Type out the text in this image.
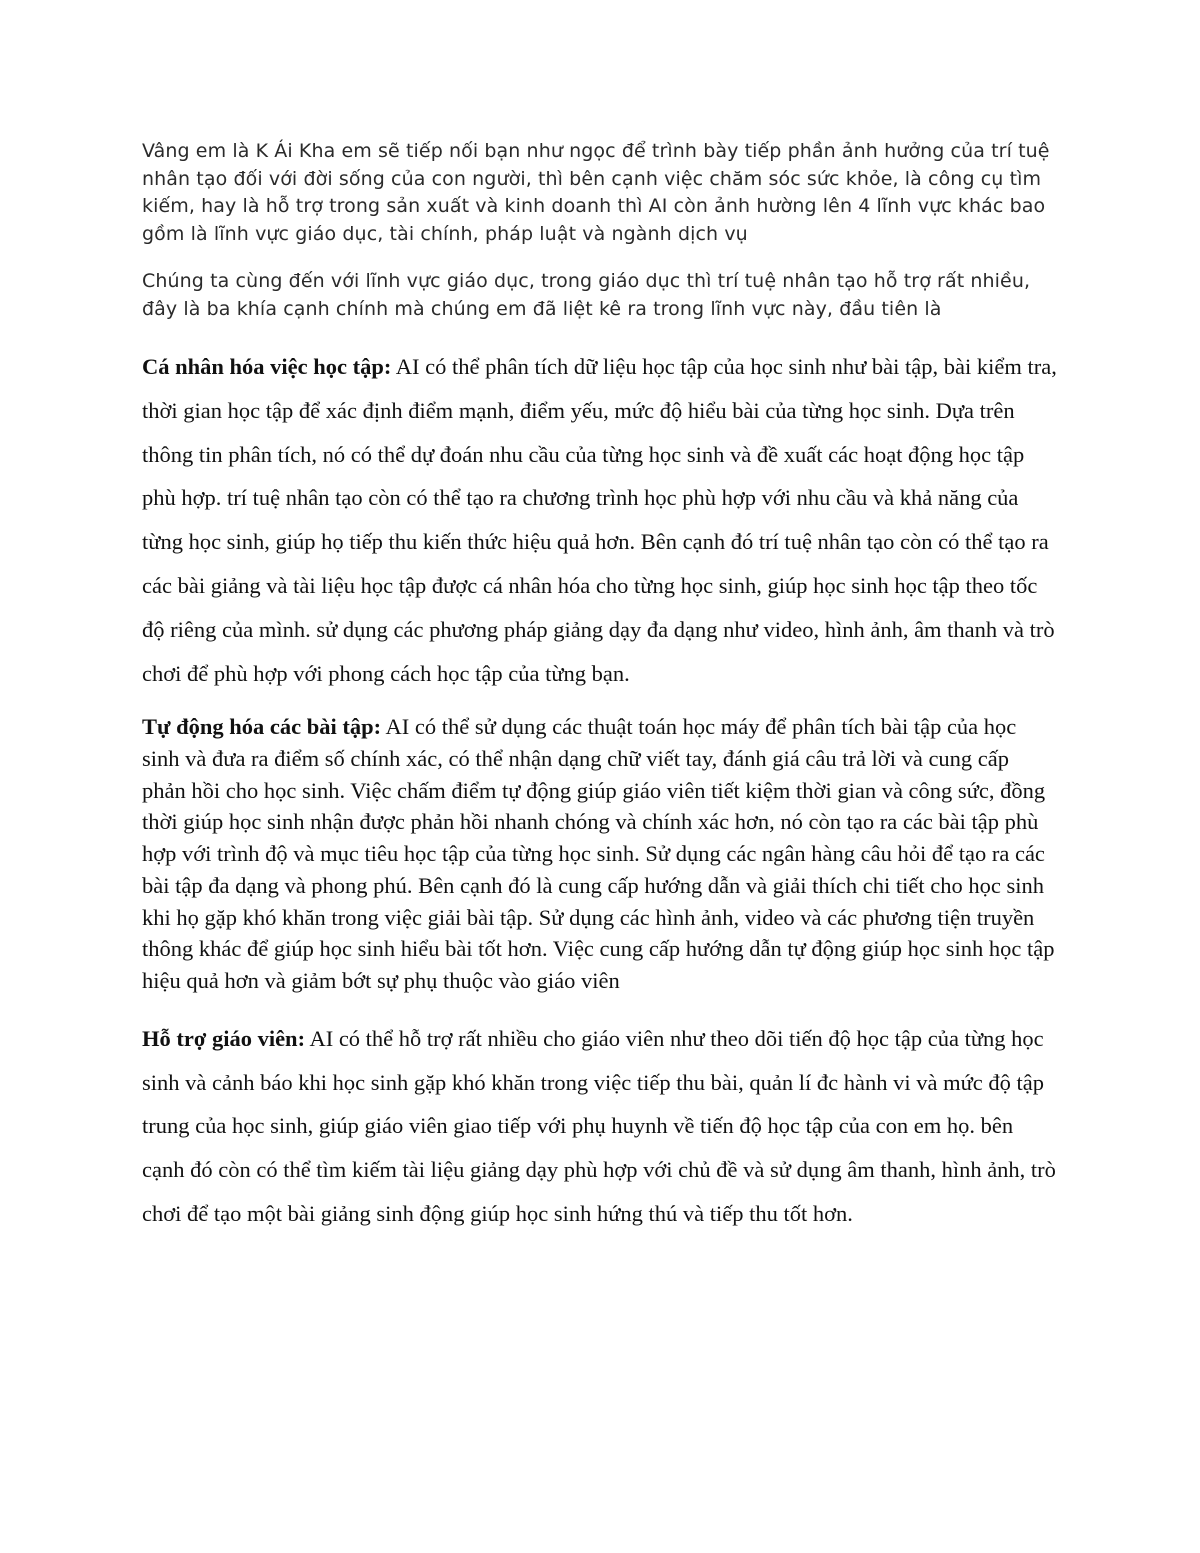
Vâng em là K Ái Kha em sẽ tiếp nối bạn như ngọc để trình bày tiếp phần ảnh hưởng của trí tuệ nhân tạo đối với đời sống của con người, thì bên cạnh việc chăm sóc sức khỏe, là công cụ tìm kiếm, hay là hỗ trợ trong sản xuất và kinh doanh thì AI còn ảnh hường lên 4 lĩnh vực khác bao gồm là lĩnh vực giáo dục, tài chính, pháp luật và ngành dịch vụ

Chúng ta cùng đến với lĩnh vực giáo dục, trong giáo dục thì trí tuệ nhân tạo hỗ trợ rất nhiều, đây là ba khía cạnh chính mà chúng em đã liệt kê ra trong lĩnh vực này, đầu tiên là

Cá nhân hóa việc học tập: AI có thể phân tích dữ liệu học tập của học sinh như bài tập, bài kiểm tra, thời gian học tập để xác định điểm mạnh, điểm yếu, mức độ hiểu bài của từng học sinh. Dựa trên thông tin phân tích, nó có thể dự đoán nhu cầu của từng học sinh và đề xuất các hoạt động học tập phù hợp. trí tuệ nhân tạo còn có thể tạo ra chương trình học phù hợp với nhu cầu và khả năng của từng học sinh, giúp họ tiếp thu kiến thức hiệu quả hơn. Bên cạnh đó trí tuệ nhân tạo còn có thể tạo ra các bài giảng và tài liệu học tập được cá nhân hóa cho từng học sinh, giúp học sinh học tập theo tốc độ riêng của mình. sử dụng các phương pháp giảng dạy đa dạng như video, hình ảnh, âm thanh và trò chơi để phù hợp với phong cách học tập của từng bạn.

Tự động hóa các bài tập: AI có thể sử dụng các thuật toán học máy để phân tích bài tập của học sinh và đưa ra điểm số chính xác, có thể nhận dạng chữ viết tay, đánh giá câu trả lời và cung cấp phản hồi cho học sinh. Việc chấm điểm tự động giúp giáo viên tiết kiệm thời gian và công sức, đồng thời giúp học sinh nhận được phản hồi nhanh chóng và chính xác hơn, nó còn tạo ra các bài tập phù hợp với trình độ và mục tiêu học tập của từng học sinh. Sử dụng các ngân hàng câu hỏi để tạo ra các bài tập đa dạng và phong phú. Bên cạnh đó là cung cấp hướng dẫn và giải thích chi tiết cho học sinh khi họ gặp khó khăn trong việc giải bài tập. Sử dụng các hình ảnh, video và các phương tiện truyền thông khác để giúp học sinh hiểu bài tốt hơn. Việc cung cấp hướng dẫn tự động giúp học sinh học tập hiệu quả hơn và giảm bớt sự phụ thuộc vào giáo viên

Hỗ trợ giáo viên: AI có thể hỗ trợ rất nhiều cho giáo viên như theo dõi tiến độ học tập của từng học sinh và cảnh báo khi học sinh gặp khó khăn trong việc tiếp thu bài, quản lí đc hành vi và mức độ tập trung của học sinh, giúp giáo viên giao tiếp với phụ huynh về tiến độ học tập của con em họ. bên cạnh đó còn có thể tìm kiếm tài liệu giảng dạy phù hợp với chủ đề và sử dụng âm thanh, hình ảnh, trò chơi để tạo một bài giảng sinh động giúp học sinh hứng thú và tiếp thu tốt hơn.
